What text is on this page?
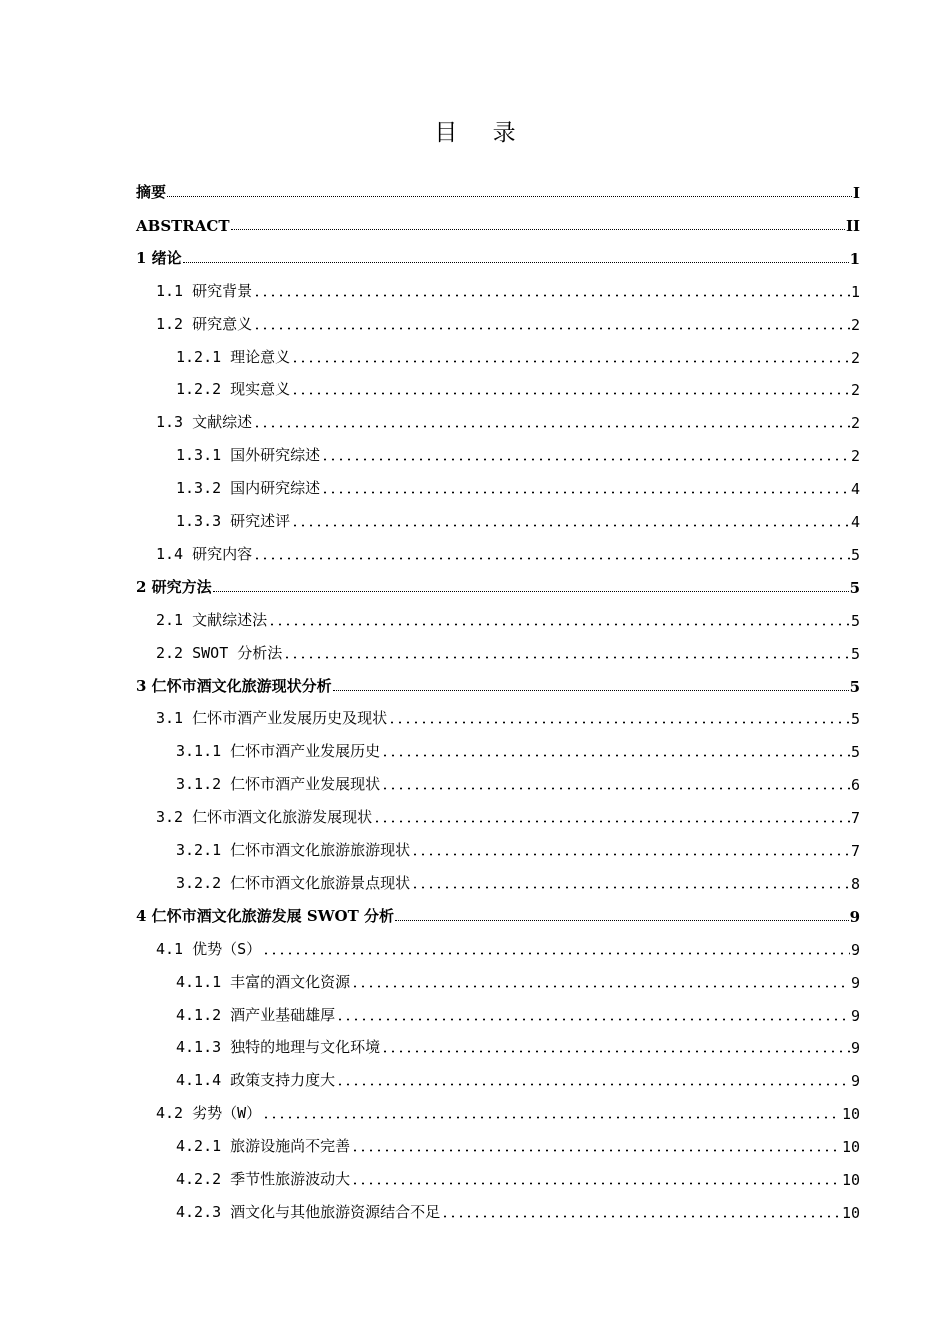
目 录
摘要	I
ABSTRACT	II
1 绪论	1
1.1 研究背景	1
1.2 研究意义	2
1.2.1 理论意义	2
1.2.2 现实意义	2
1.3 文献综述	2
1.3.1 国外研究综述	2
1.3.2 国内研究综述	4
1.3.3 研究述评	4
1.4 研究内容	5
2 研究方法	5
2.1 文献综述法	5
2.2 SWOT 分析法	5
3 仁怀市酒文化旅游现状分析	5
3.1 仁怀市酒产业发展历史及现状	5
3.1.1 仁怀市酒产业发展历史	5
3.1.2 仁怀市酒产业发展现状	6
3.2 仁怀市酒文化旅游发展现状	7
3.2.1 仁怀市酒文化旅游旅游现状	7
3.2.2 仁怀市酒文化旅游景点现状	8
4 仁怀市酒文化旅游发展 SWOT 分析	9
4.1 优势（S）	9
4.1.1 丰富的酒文化资源	9
4.1.2 酒产业基础雄厚	9
4.1.3 独特的地理与文化环境	9
4.1.4 政策支持力度大	9
4.2 劣势（W）	10
4.2.1 旅游设施尚不完善	10
4.2.2 季节性旅游波动大	10
4.2.3 酒文化与其他旅游资源结合不足	10
